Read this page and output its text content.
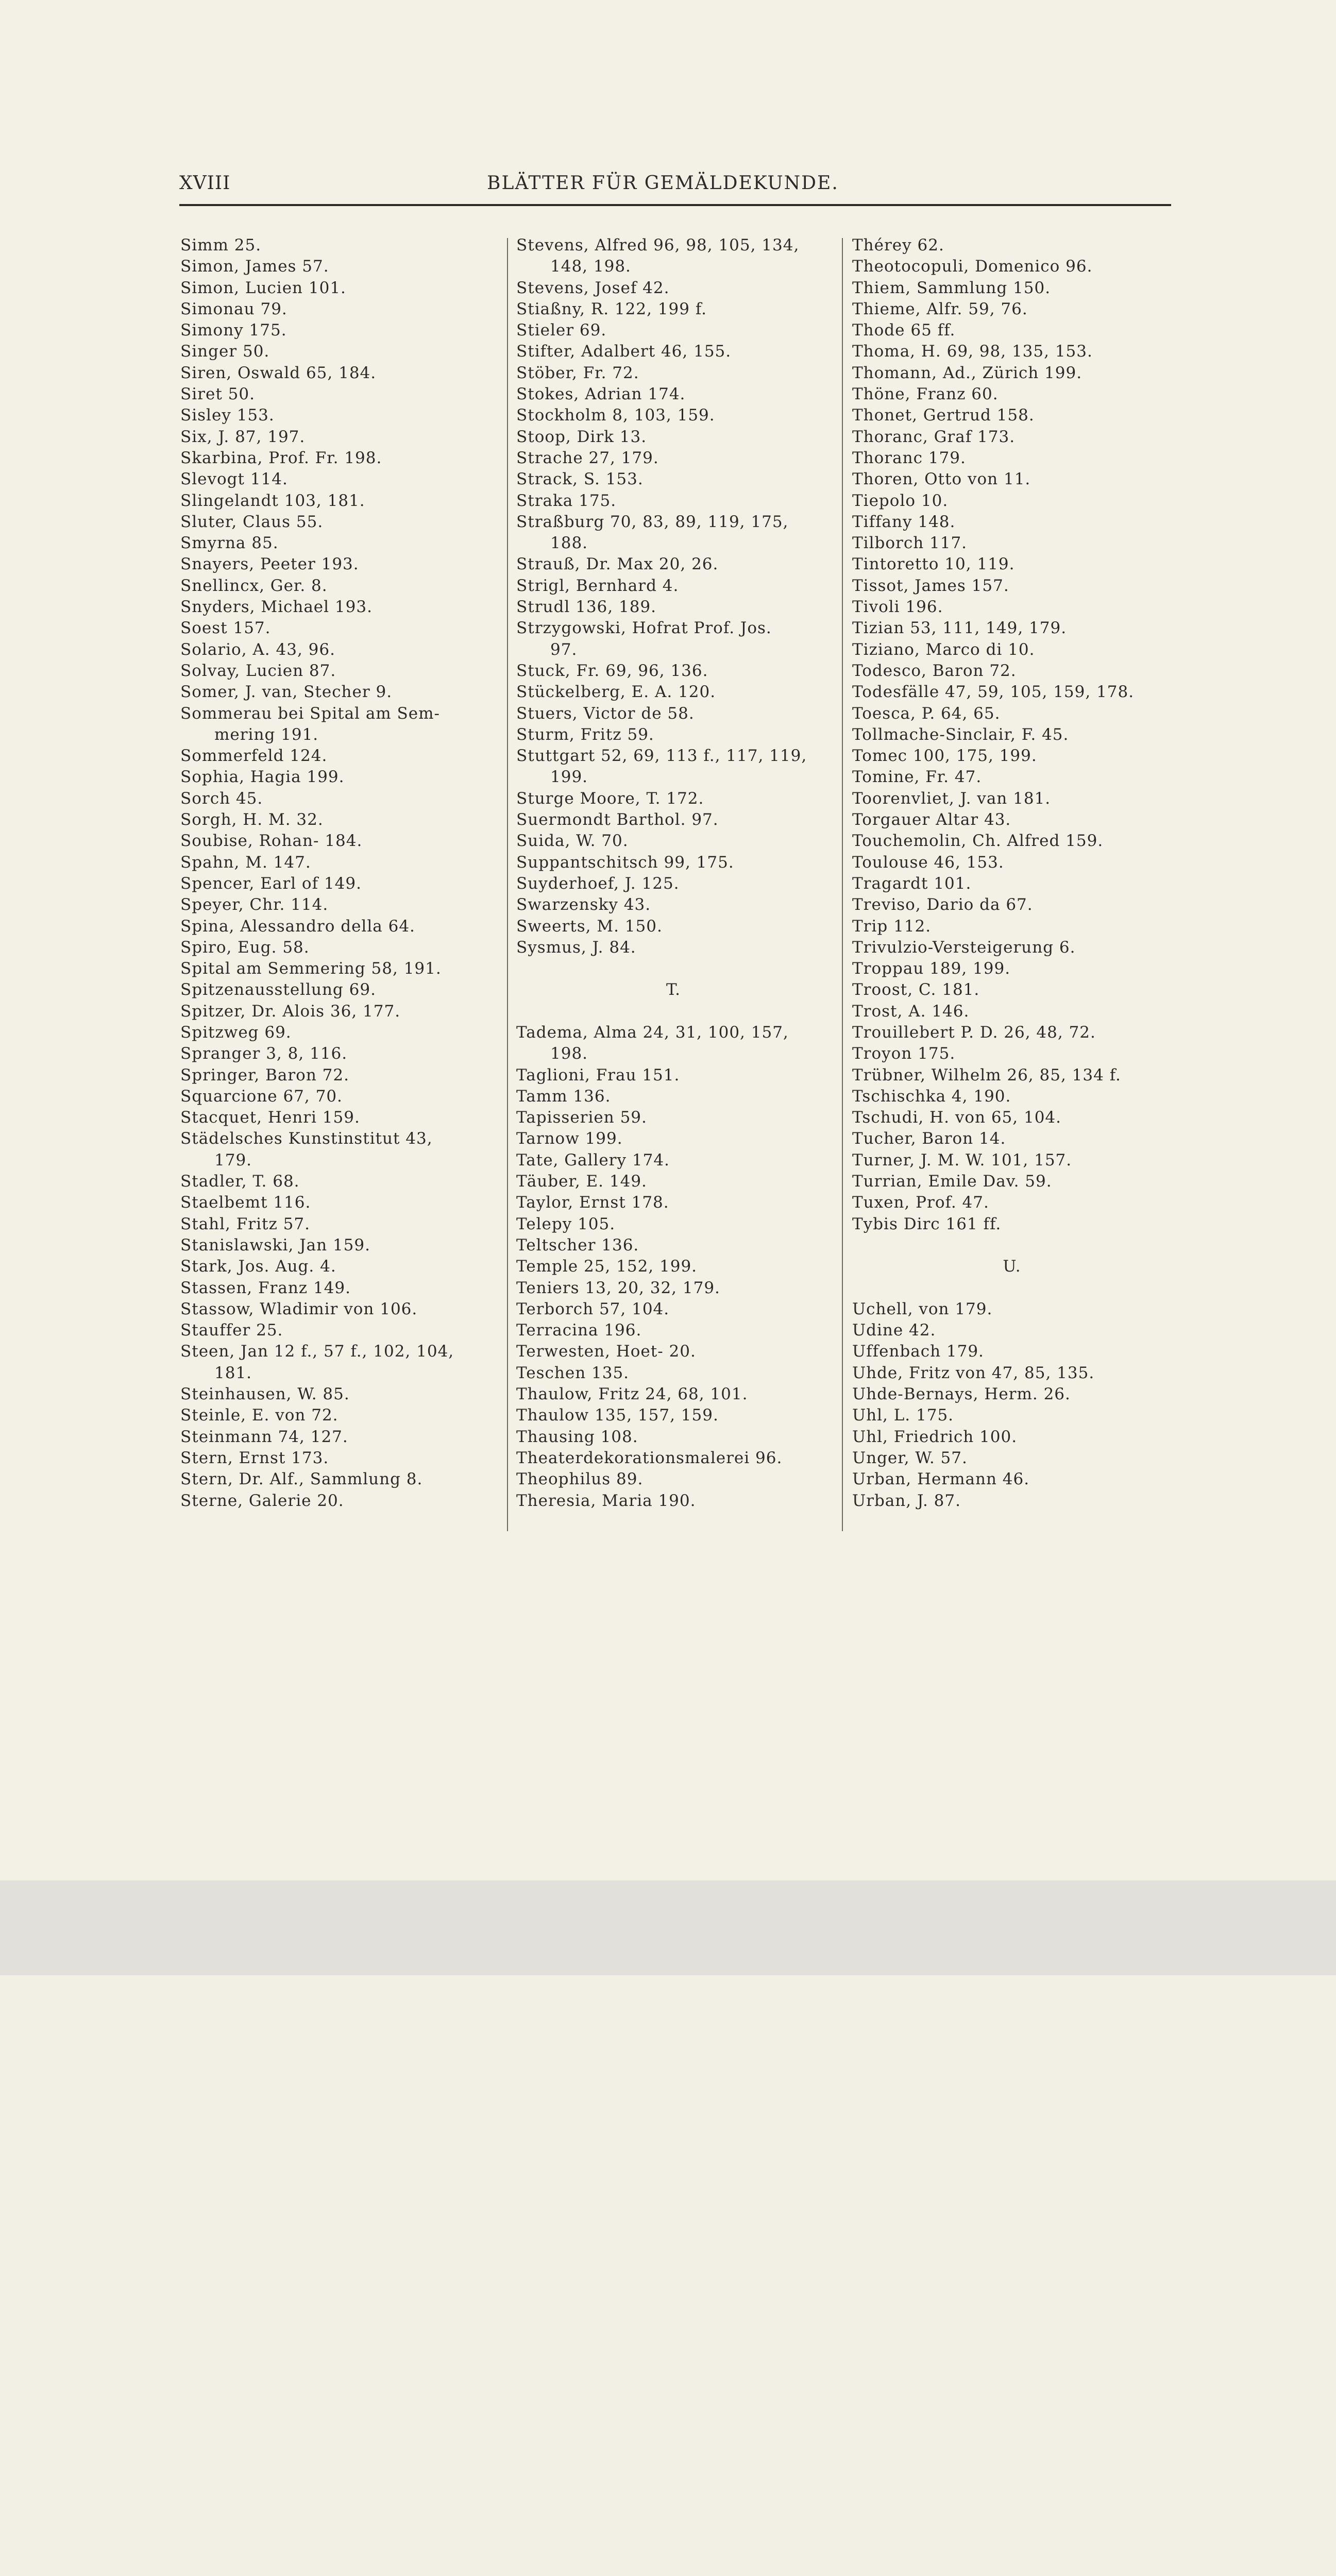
XVIII	BLÄTTER FÜR GEMÄLDEKUNDE.
Simm 25.
Simon, James 57.
Simon, Lucien 101.
Simonau 79.
Simony 175.
Singer 50.
Siren, Oswald 65, 184.
Siret 50.
Sisley 153.
Six, J. 87, 197.
Skarbina, Prof. Fr. 198.
Slevogt 114.
Slingelandt 103, 181.
Sluter, Claus 55.
Smyrna 85.
Snayers, Peeter 193.
Snellincx, Ger. 8.
Snyders, Michael 193.
Soest 157.
Solario, A. 43, 96.
Solvay, Lucien 87.
Somer, J. van, Stecher 9.
Sommerau bei Spital am Sem-
mering 191.
Sommerfeld 124.
Sophia, Hagia 199.
Sorch 45.
Sorgh, H. M. 32.
Soubise, Rohan- 184.
Spahn, M. 147.
Spencer, Earl of 149.
Speyer, Chr. 114.
Spina, Alessandro della 64.
Spiro, Eug. 58.
Spital am Semmering 58, 191.
Spitzenausstellung 69.
Spitzer, Dr. Alois 36, 177.
Spitzweg 69.
Spranger 3, 8, 116.
Springer, Baron 72.
Squarcione 67, 70.
Stacquet, Henri 159.
Städelsches Kunstinstitut 43,
179.
Stadler, T. 68.
Staelbemt 116.
Stahl, Fritz 57.
Stanislawski, Jan 159.
Stark, Jos. Aug. 4.
Stassen, Franz 149.
Stassow, Wladimir von 106.
Stauffer 25.
Steen, Jan 12 f., 57 f., 102, 104,
181.
Steinhausen, W. 85.
Steinle, E. von 72.
Steinmann 74, 127.
Stern, Ernst 173.
Stern, Dr. Alf., Sammlung 8.
Sterne, Galerie 20.
Stevens, Alfred 96, 98, 105, 134,
148, 198.
Stevens, Josef 42.
Stiaßny, R. 122, 199 f.
Stieler 69.
Stifter, Adalbert 46, 155.
Stöber, Fr. 72.
Stokes, Adrian 174.
Stockholm 8, 103, 159.
Stoop, Dirk 13.
Strache 27, 179.
Strack, S. 153.
Straka 175.
Straßburg 70, 83, 89, 119, 175,
188.
Strauß, Dr. Max 20, 26.
Strigl, Bernhard 4.
Strudl 136, 189.
Strzygowski, Hofrat Prof. Jos.
97.
Stuck, Fr. 69, 96, 136.
Stückelberg, E. A. 120.
Stuers, Victor de 58.
Sturm, Fritz 59.
Stuttgart 52, 69, 113 f., 117, 119,
199.
Sturge Moore, T. 172.
Suermondt Barthol. 97.
Suida, W. 70.
Suppantschitsch 99, 175.
Suyderhoef, J. 125.
Swarzensky 43.
Sweerts, M. 150.
Sysmus, J. 84.
T.
Tadema, Alma 24, 31, 100, 157,
198.
Taglioni, Frau 151.
Tamm 136.
Tapisserien 59.
Tarnow 199.
Tate, Gallery 174.
Täuber, E. 149.
Taylor, Ernst 178.
Telepy 105.
Teltscher 136.
Temple 25, 152, 199.
Teniers 13, 20, 32, 179.
Terborch 57, 104.
Terracina 196.
Terwesten, Hoet- 20.
Teschen 135.
Thaulow, Fritz 24, 68, 101.
Thaulow 135, 157, 159.
Thausing 108.
Theaterdekorationsmalerei 96.
Theophilus 89.
Theresia, Maria 190.
Thérey 62.
Theotocopuli, Domenico 96.
Thiem, Sammlung 150.
Thieme, Alfr. 59, 76.
Thode 65 ff.
Thoma, H. 69, 98, 135, 153.
Thomann, Ad., Zürich 199.
Thöne, Franz 60.
Thonet, Gertrud 158.
Thoranc, Graf 173.
Thoranc 179.
Thoren, Otto von 11.
Tiepolo 10.
Tiffany 148.
Tilborch 117.
Tintoretto 10, 119.
Tissot, James 157.
Tivoli 196.
Tizian 53, 111, 149, 179.
Tiziano, Marco di 10.
Todesco, Baron 72.
Todesfälle 47, 59, 105, 159, 178.
Toesca, P. 64, 65.
Tollmache-Sinclair, F. 45.
Tomec 100, 175, 199.
Tomine, Fr. 47.
Toorenvliet, J. van 181.
Torgauer Altar 43.
Touchemolin, Ch. Alfred 159.
Toulouse 46, 153.
Tragardt 101.
Treviso, Dario da 67.
Trip 112.
Trivulzio-Versteigerung 6.
Troppau 189, 199.
Troost, C. 181.
Trost, A. 146.
Trouillebert P. D. 26, 48, 72.
Troyon 175.
Trübner, Wilhelm 26, 85, 134 f.
Tschischka 4, 190.
Tschudi, H. von 65, 104.
Tucher, Baron 14.
Turner, J. M. W. 101, 157.
Turrian, Emile Dav. 59.
Tuxen, Prof. 47.
Tybis Dirc 161 ff.
U.
Uchell, von 179.
Udine 42.
Uffenbach 179.
Uhde, Fritz von 47, 85, 135.
Uhde-Bernays, Herm. 26.
Uhl, L. 175.
Uhl, Friedrich 100.
Unger, W. 57.
Urban, Hermann 46.
Urban, J. 87.
